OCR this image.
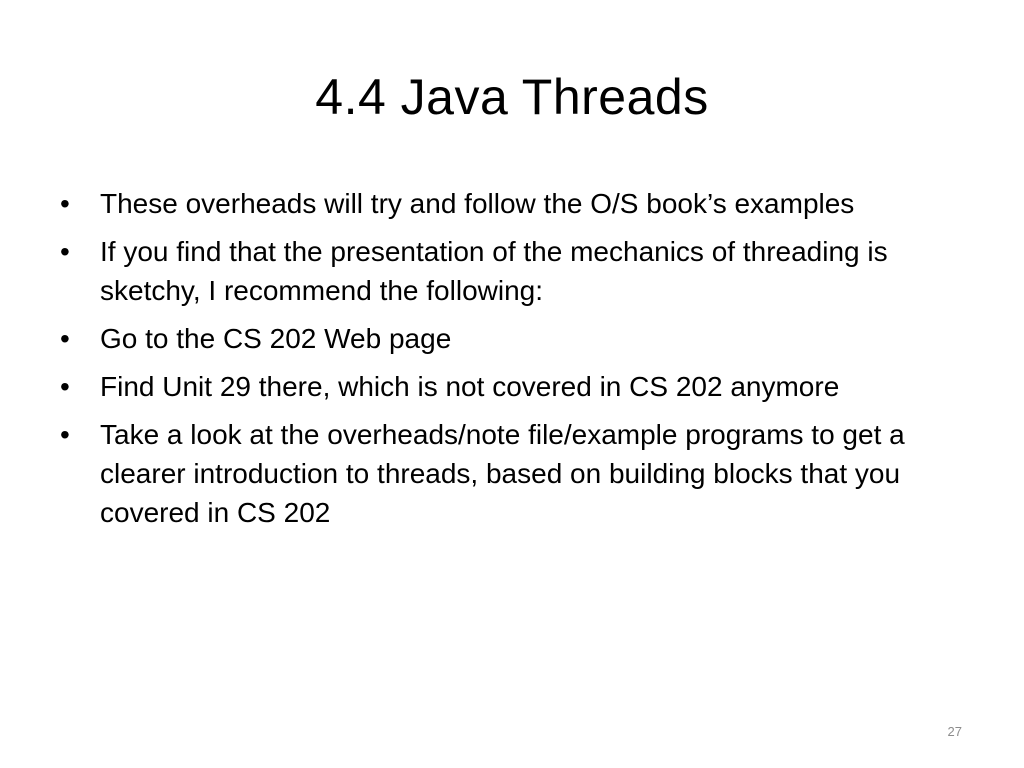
4.4 Java Threads
• These overheads will try and follow the O/S book’s examples
• If you find that the presentation of the mechanics of threading is sketchy, I recommend the following:
• Go to the CS 202 Web page
• Find Unit 29 there, which is not covered in CS 202 anymore
• Take a look at the overheads/note file/example programs to get a clearer introduction to threads, based on building blocks that you covered in CS 202
27
